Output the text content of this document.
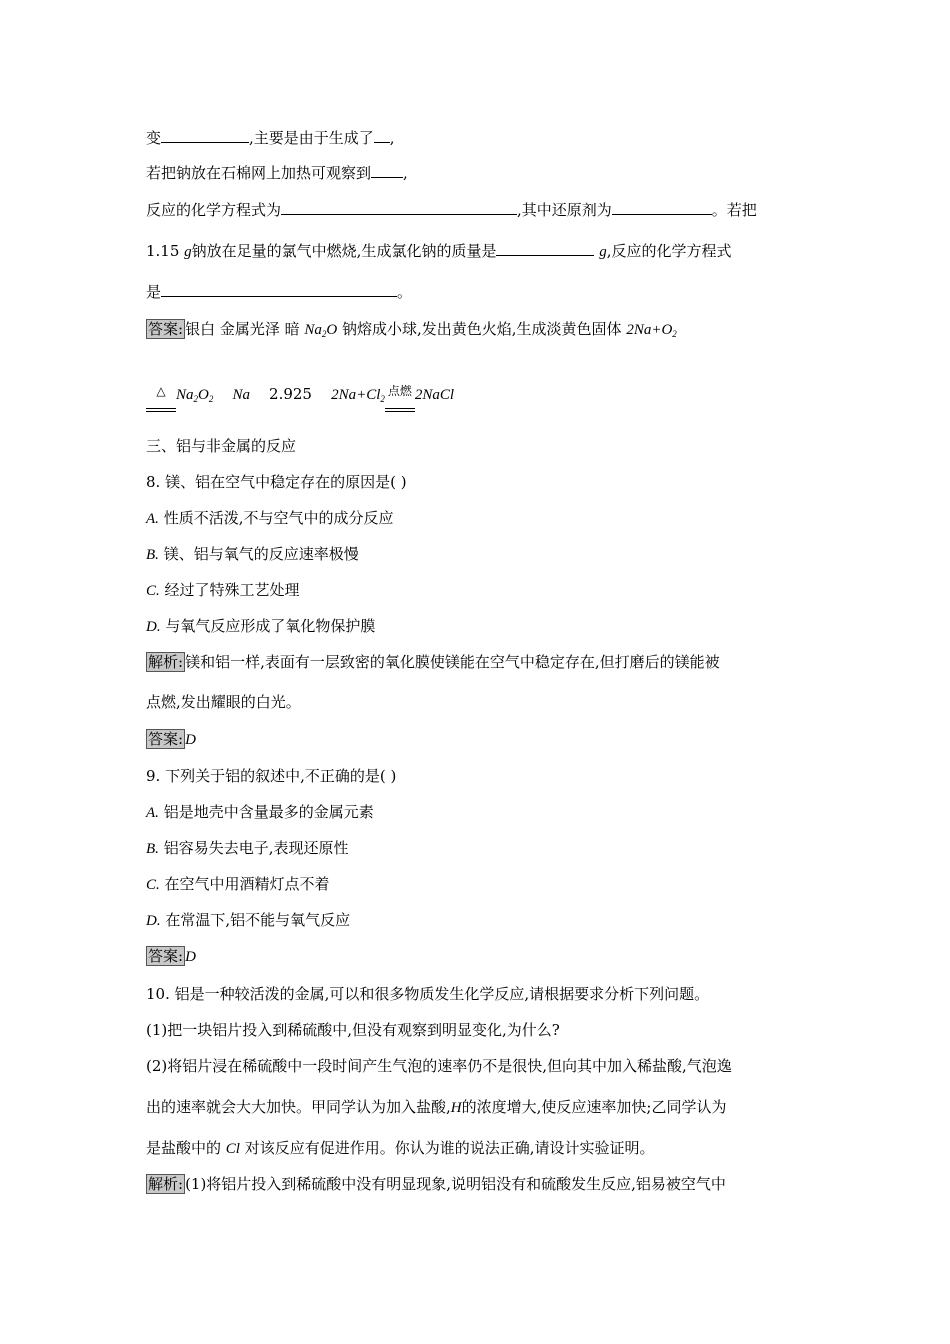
变	,主要是由于生成了 ,
若把钠放在石棉网上加热可观察到 ,
反应的化学方程式为	,其中还原剂为	。若把
1.15 g钠放在足量的氯气中燃烧,生成氯化钠的质量是	g,反应的化学方程式
是	。
答案: 银白 金属光泽 暗 $Na_2O$ 钠熔成小球,发出黄色火焰,生成淡黄色固体 $2Na+O_2$
△ $Na_2O_2$ Na 2.925 $2Na+Cl_2$
点燃 2NaCl
三、铝与非金属的反应
8. 镁、铝在空气中稳定存在的原因是( )
A. 性质不活泼,不与空气中的成分反应
B. 镁、铝与氧气的反应速率极慢
C. 经过了特殊工艺处理
D. 与氧气反应形成了氧化物保护膜
解析: 镁和铝一样,表面有一层致密的氧化膜使镁能在空气中稳定存在,但打磨后的镁能被
点燃,发出耀眼的白光。
答案: D
9. 下列关于铝的叙述中,不正确的是( )
A. 铝是地壳中含量最多的金属元素
B. 铝容易失去电子,表现还原性
C. 在空气中用酒精灯点不着
D. 在常温下,铝不能与氧气反应
答案: D
10. 铝是一种较活泼的金属,可以和很多物质发生化学反应,请根据要求分析下列问题。
(1)把一块铝片投入到稀硫酸中,但没有观察到明显变化,为什么?
(2)将铝片浸在稀硫酸中一段时间产生气泡的速率仍不是很快,但向其中加入稀盐酸,气泡逸
出的速率就会大大加快。甲同学认为加入盐酸,H的浓度增大,使反应速率加快;乙同学认为
是盐酸中的 Cl 对该反应有促进作用。你认为谁的说法正确,请设计实验证明。
解析: (1)将铝片投入到稀硫酸中没有明显现象,说明铝没有和硫酸发生反应,铝易被空气中
